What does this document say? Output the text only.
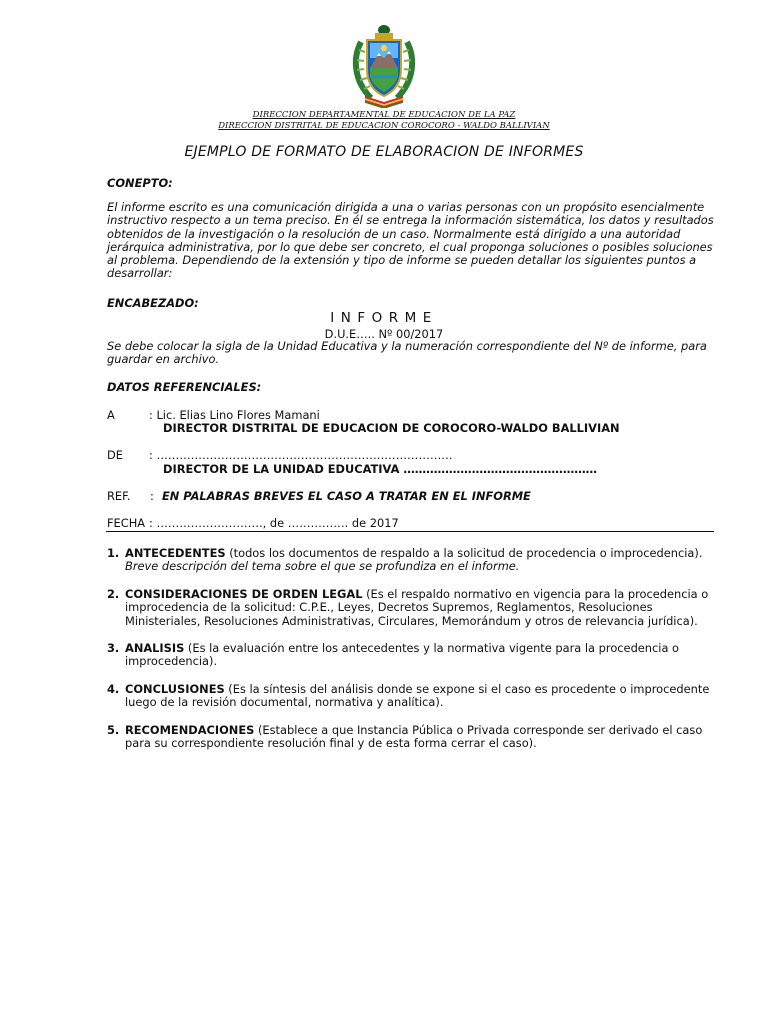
DIRECCION DEPARTAMENTAL DE EDUCACION DE LA PAZ
DIRECCION DISTRITAL DE EDUCACION COROCORO - WALDO BALLIVIAN
EJEMPLO DE FORMATO DE ELABORACION DE INFORMES
CONEPTO:
El informe escrito es una comunicación dirigida a una o varias personas con un propósito esencialmente
instructivo respecto a un tema preciso. En él se entrega la información sistemática, los datos y resultados
obtenidos de la investigación o la resolución de un caso. Normalmente está dirigido a una autoridad
jerárquica administrativa, por lo que debe ser concreto, el cual proponga soluciones o posibles soluciones
al problema. Dependiendo de la extensión y tipo de informe se pueden detallar los siguientes puntos a
desarrollar:
ENCABEZADO:
INFORME
D.U.E….. Nº 00/2017
Se debe colocar la sigla de la Unidad Educativa y la numeración correspondiente del Nº de informe, para
guardar en archivo.
DATOS REFERENCIALES:
A	: Lic. Elias Lino Flores Mamani
DIRECTOR DISTRITAL DE EDUCACION DE COROCORO-WALDO BALLIVIAN
DE : ……………………………………………………………………
DIRECTOR DE LA UNIDAD EDUCATIVA ……………………………………………
REF. : EN PALABRAS BREVES EL CASO A TRATAR EN EL INFORME
FECHA : ………………………., de ……………. de 2017
1. ANTECEDENTES (todos los documentos de respaldo a la solicitud de procedencia o improcedencia).
Breve descripción del tema sobre el que se profundiza en el informe.
2. CONSIDERACIONES DE ORDEN LEGAL (Es el respaldo normativo en vigencia para la procedencia o
improcedencia de la solicitud: C.P.E., Leyes, Decretos Supremos, Reglamentos, Resoluciones
Ministeriales, Resoluciones Administrativas, Circulares, Memorándum y otros de relevancia jurídica).
3. ANALISIS (Es la evaluación entre los antecedentes y la normativa vigente para la procedencia o
improcedencia).
4. CONCLUSIONES (Es la síntesis del análisis donde se expone si el caso es procedente o improcedente
luego de la revisión documental, normativa y analítica).
5. RECOMENDACIONES (Establece a que Instancia Pública o Privada corresponde ser derivado el caso
para su correspondiente resolución final y de esta forma cerrar el caso).
